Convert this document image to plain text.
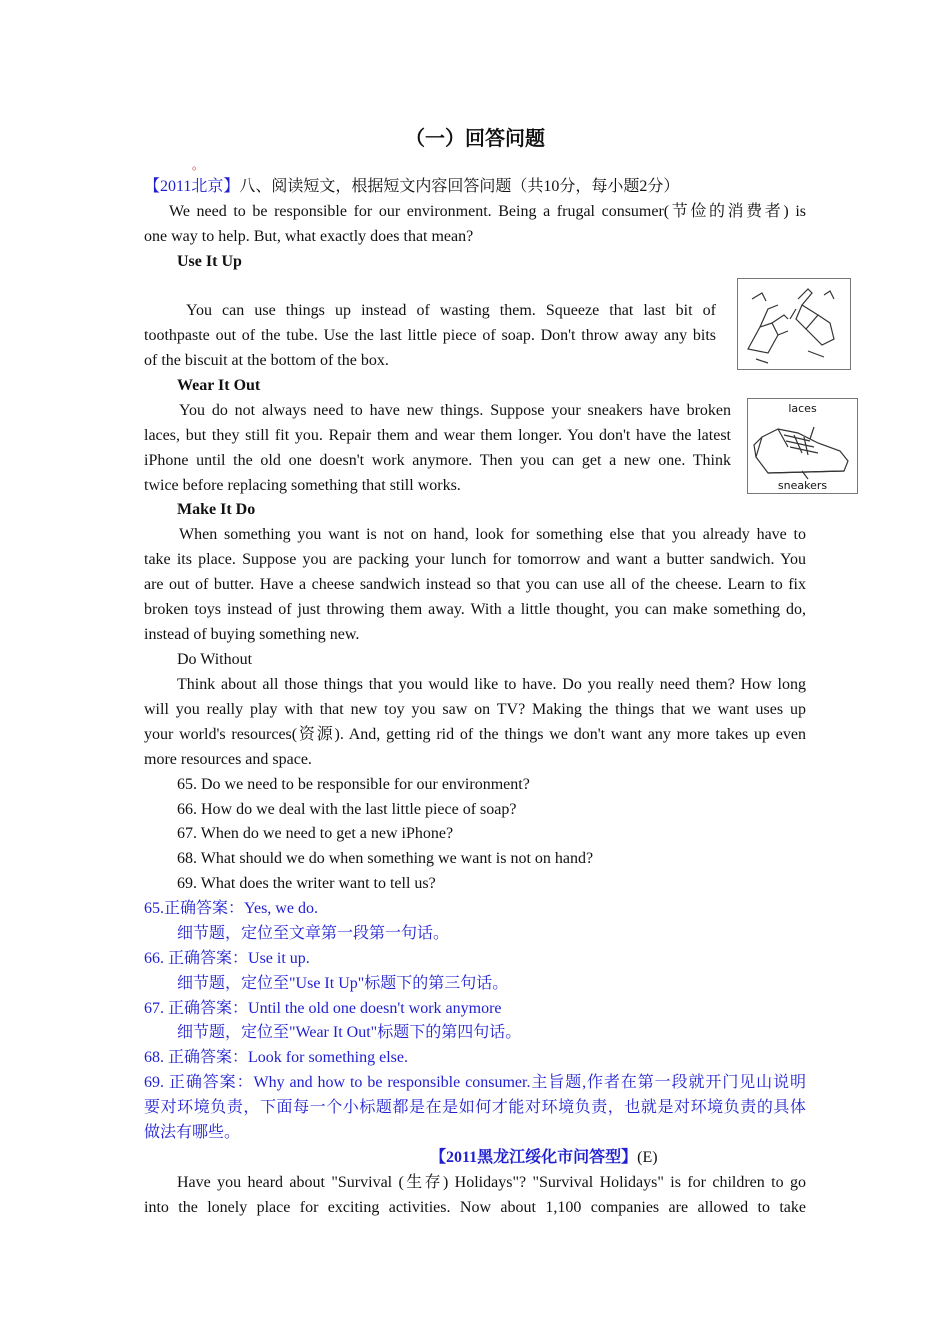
（一）回答问题
。
【2011北京】八、阅读短文，根据短文内容回答问题（共10分，每小题2分）
We need to be responsible for our environment. Being a frugal consumer(节俭的消费者) is
one way to help. But, what exactly does that mean?
Use It Up
You can use things up instead of wasting them. Squeeze that last bit of
toothpaste out of the tube. Use the last little piece of soap. Don't throw away any bits
of the biscuit at the bottom of the box.
Wear It Out
You do not always need to have new things. Suppose your sneakers have broken
laces, but they still fit you. Repair them and wear them longer. You don't have the latest
iPhone until the old one doesn't work anymore. Then you can get a new one. Think
twice before replacing something that still works.
laces
sneakers
Make It Do
When something you want is not on hand, look for something else that you already have to
take its place. Suppose you are packing your lunch for tomorrow and want a butter sandwich. You
are out of butter. Have a cheese sandwich instead so that you can use all of the cheese. Learn to fix
broken toys instead of just throwing them away. With a little thought, you can make something do,
instead of buying something new.
Do Without
Think about all those things that you would like to have. Do you really need them? How long
will you really play with that new toy you saw on TV? Making the things that we want uses up
your world's resources(资源). And, getting rid of the things we don't want any more takes up even
more resources and space.
65. Do we need to be responsible for our environment?
66. How do we deal with the last little piece of soap?
67. When do we need to get a new iPhone?
68. What should we do when something we want is not on hand?
69. What does the writer want to tell us?
65.正确答案：Yes, we do.
细节题，定位至文章第一段第一句话。
66. 正确答案：Use it up.
细节题，定位至"Use It Up"标题下的第三句话。
67. 正确答案：Until the old one doesn't work anymore
细节题，定位至"Wear It Out"标题下的第四句话。
68. 正确答案：Look for something else.
69. 正确答案：Why and how to be responsible consumer.主旨题,作者在第一段就开门见山说明
要对环境负责，下面每一个小标题都是在是如何才能对环境负责，也就是对环境负责的具体
做法有哪些。
【2011黑龙江绥化市问答型】(E)
Have you heard about "Survival (生存) Holidays"? "Survival Holidays" is for children to go
into the lonely place for exciting activities. Now about 1,100 companies are allowed to take
